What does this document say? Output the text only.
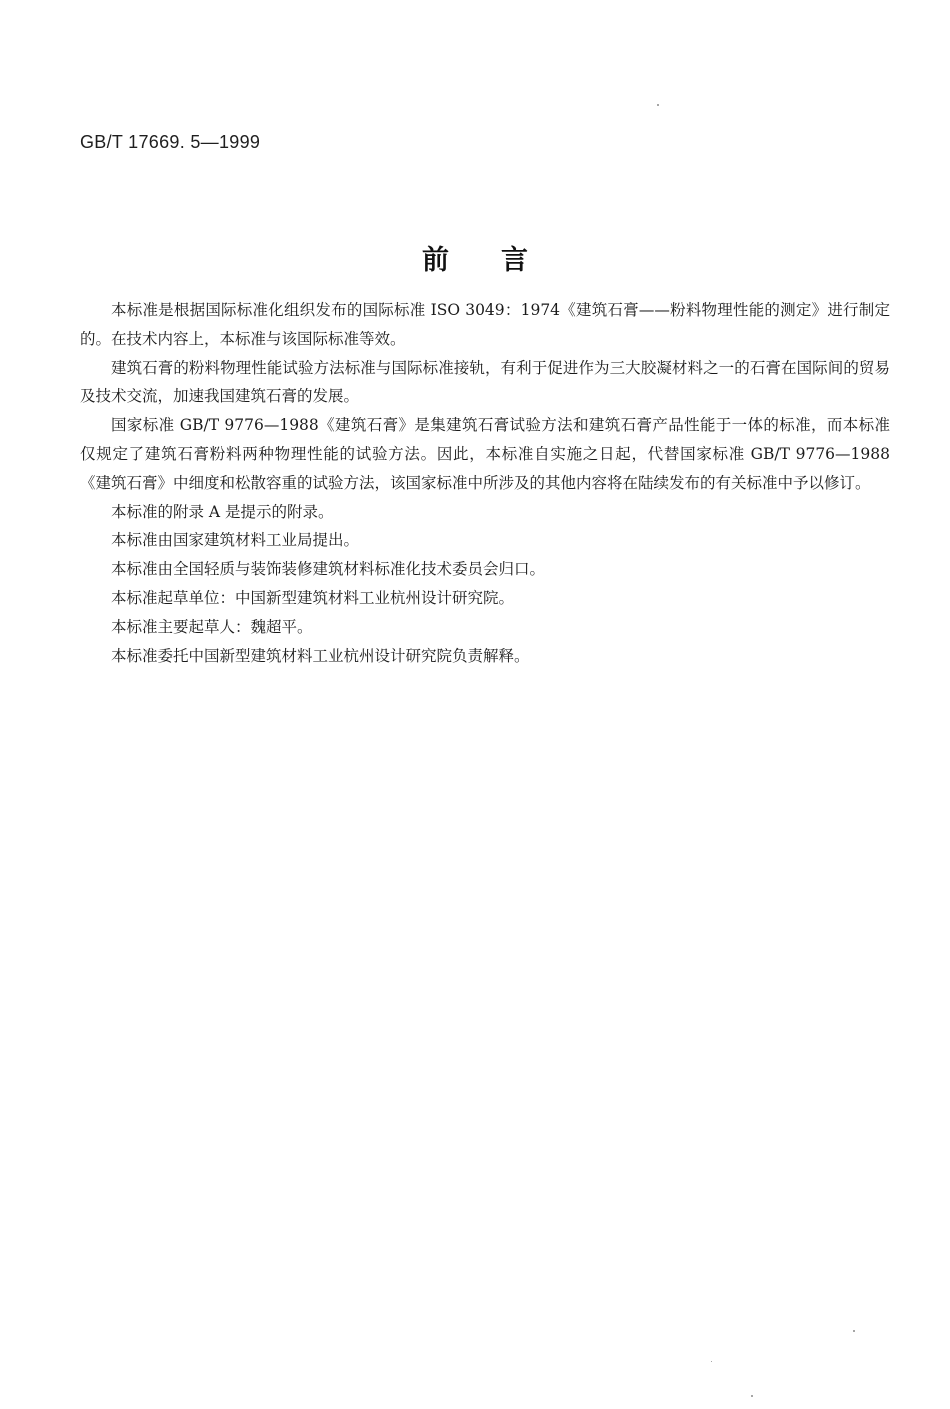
GB/T 17669. 5—1999
前言

本标准是根据国际标准化组织发布的国际标准 ISO 3049：1974《建筑石膏——粉料物理性能的测定》进行制定的。在技术内容上，本标准与该国际标准等效。

建筑石膏的粉料物理性能试验方法标准与国际标准接轨，有利于促进作为三大胶凝材料之一的石膏在国际间的贸易及技术交流，加速我国建筑石膏的发展。

国家标准 GB/T 9776—1988《建筑石膏》是集建筑石膏试验方法和建筑石膏产品性能于一体的标准，而本标准仅规定了建筑石膏粉料两种物理性能的试验方法。因此，本标准自实施之日起，代替国家标准 GB/T 9776—1988《建筑石膏》中细度和松散容重的试验方法，该国家标准中所涉及的其他内容将在陆续发布的有关标准中予以修订。

本标准的附录 A 是提示的附录。

本标准由国家建筑材料工业局提出。

本标准由全国轻质与装饰装修建筑材料标准化技术委员会归口。

本标准起草单位：中国新型建筑材料工业杭州设计研究院。

本标准主要起草人：魏超平。

本标准委托中国新型建筑材料工业杭州设计研究院负责解释。
